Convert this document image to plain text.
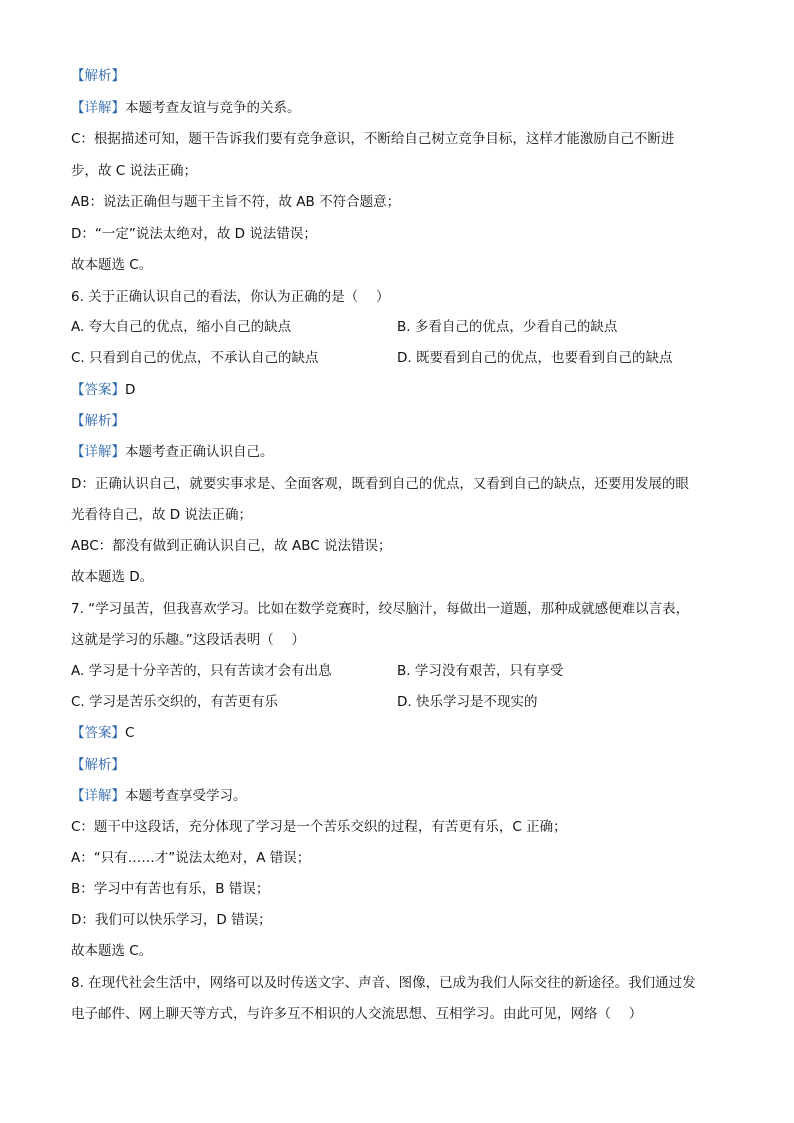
【解析】
【详解】本题考查友谊与竞争的关系。
C：根据描述可知，题干告诉我们要有竞争意识，不断给自己树立竞争目标，这样才能激励自己不断进
步，故 C 说法正确；
AB：说法正确但与题干主旨不符，故 AB 不符合题意；
D：“一定”说法太绝对，故 D 说法错误；
故本题选 C。
6. 关于正确认识自己的看法，你认为正确的是（　 ）
A. 夸大自己的优点，缩小自己的缺点	B. 多看自己的优点，少看自己的缺点
C. 只看到自己的优点，不承认自己的缺点	D. 既要看到自己的优点，也要看到自己的缺点
【答案】D
【解析】
【详解】本题考查正确认识自己。
D：正确认识自己，就要实事求是、全面客观，既看到自己的优点，又看到自己的缺点，还要用发展的眼
光看待自己，故 D 说法正确；
ABC：都没有做到正确认识自己，故 ABC 说法错误；
故本题选 D。
7. “学习虽苦，但我喜欢学习。比如在数学竞赛时，绞尽脑汁，每做出一道题，那种成就感便难以言表，
这就是学习的乐趣。”这段话表明（　 ）
A. 学习是十分辛苦的，只有苦读才会有出息	B. 学习没有艰苦，只有享受
C. 学习是苦乐交织的，有苦更有乐	D. 快乐学习是不现实的
【答案】C
【解析】
【详解】本题考查享受学习。
C：题干中这段话，充分体现了学习是一个苦乐交织的过程，有苦更有乐，C 正确；
A：“只有……才”说法太绝对，A 错误；
B：学习中有苦也有乐，B 错误；
D：我们可以快乐学习，D 错误；
故本题选 C。
8. 在现代社会生活中，网络可以及时传送文字、声音、图像，已成为我们人际交往的新途径。我们通过发
电子邮件、网上聊天等方式，与许多互不相识的人交流思想、互相学习。由此可见，网络（　 ）
